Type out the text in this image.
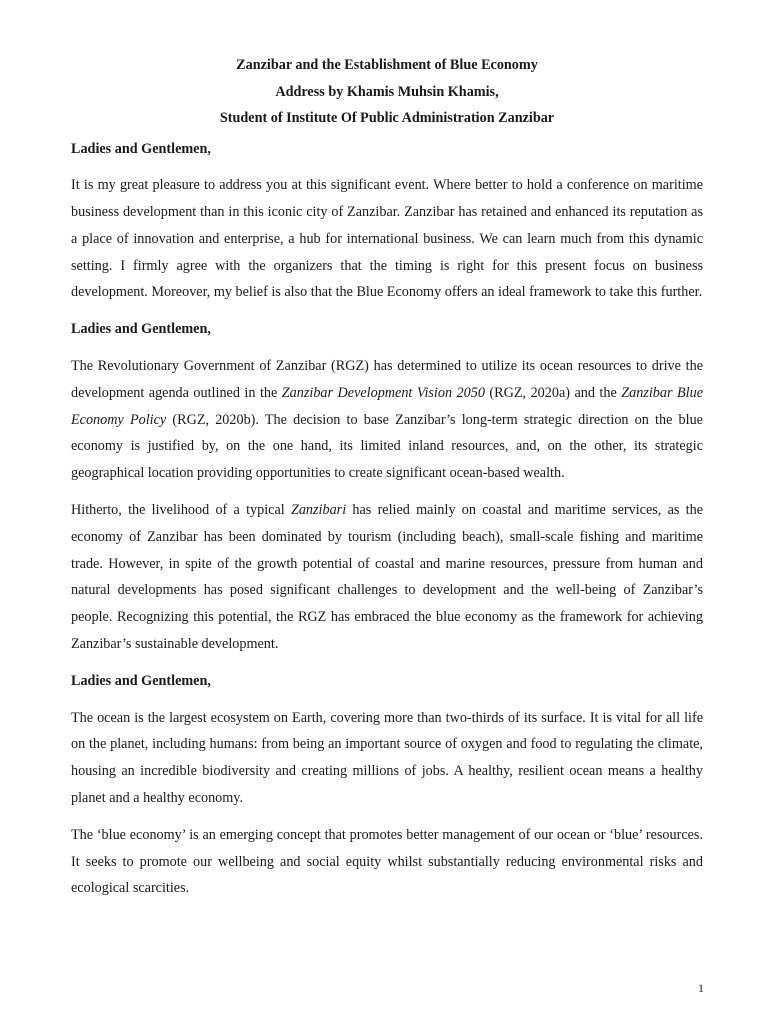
Zanzibar and the Establishment of Blue Economy
Address by Khamis Muhsin Khamis,
Student of Institute Of Public Administration Zanzibar

Ladies and Gentlemen,

It is my great pleasure to address you at this significant event. Where better to hold a conference on maritime business development than in this iconic city of Zanzibar. Zanzibar has retained and enhanced its reputation as a place of innovation and enterprise, a hub for international business. We can learn much from this dynamic setting. I firmly agree with the organizers that the timing is right for this present focus on business development. Moreover, my belief is also that the Blue Economy offers an ideal framework to take this further.

Ladies and Gentlemen,

The Revolutionary Government of Zanzibar (RGZ) has determined to utilize its ocean resources to drive the development agenda outlined in the Zanzibar Development Vision 2050 (RGZ, 2020a) and the Zanzibar Blue Economy Policy (RGZ, 2020b). The decision to base Zanzibar’s long-term strategic direction on the blue economy is justified by, on the one hand, its limited inland resources, and, on the other, its strategic geographical location providing opportunities to create significant ocean-based wealth.

Hitherto, the livelihood of a typical Zanzibari has relied mainly on coastal and maritime services, as the economy of Zanzibar has been dominated by tourism (including beach), small-scale fishing and maritime trade. However, in spite of the growth potential of coastal and marine resources, pressure from human and natural developments has posed significant challenges to development and the well-being of Zanzibar’s people. Recognizing this potential, the RGZ has embraced the blue economy as the framework for achieving Zanzibar’s sustainable development.

Ladies and Gentlemen,

The ocean is the largest ecosystem on Earth, covering more than two-thirds of its surface. It is vital for all life on the planet, including humans: from being an important source of oxygen and food to regulating the climate, housing an incredible biodiversity and creating millions of jobs. A healthy, resilient ocean means a healthy planet and a healthy economy.

The ‘blue economy’ is an emerging concept that promotes better management of our ocean or ‘blue’ resources. It seeks to promote our wellbeing and social equity whilst substantially reducing environmental risks and ecological scarcities.

1
